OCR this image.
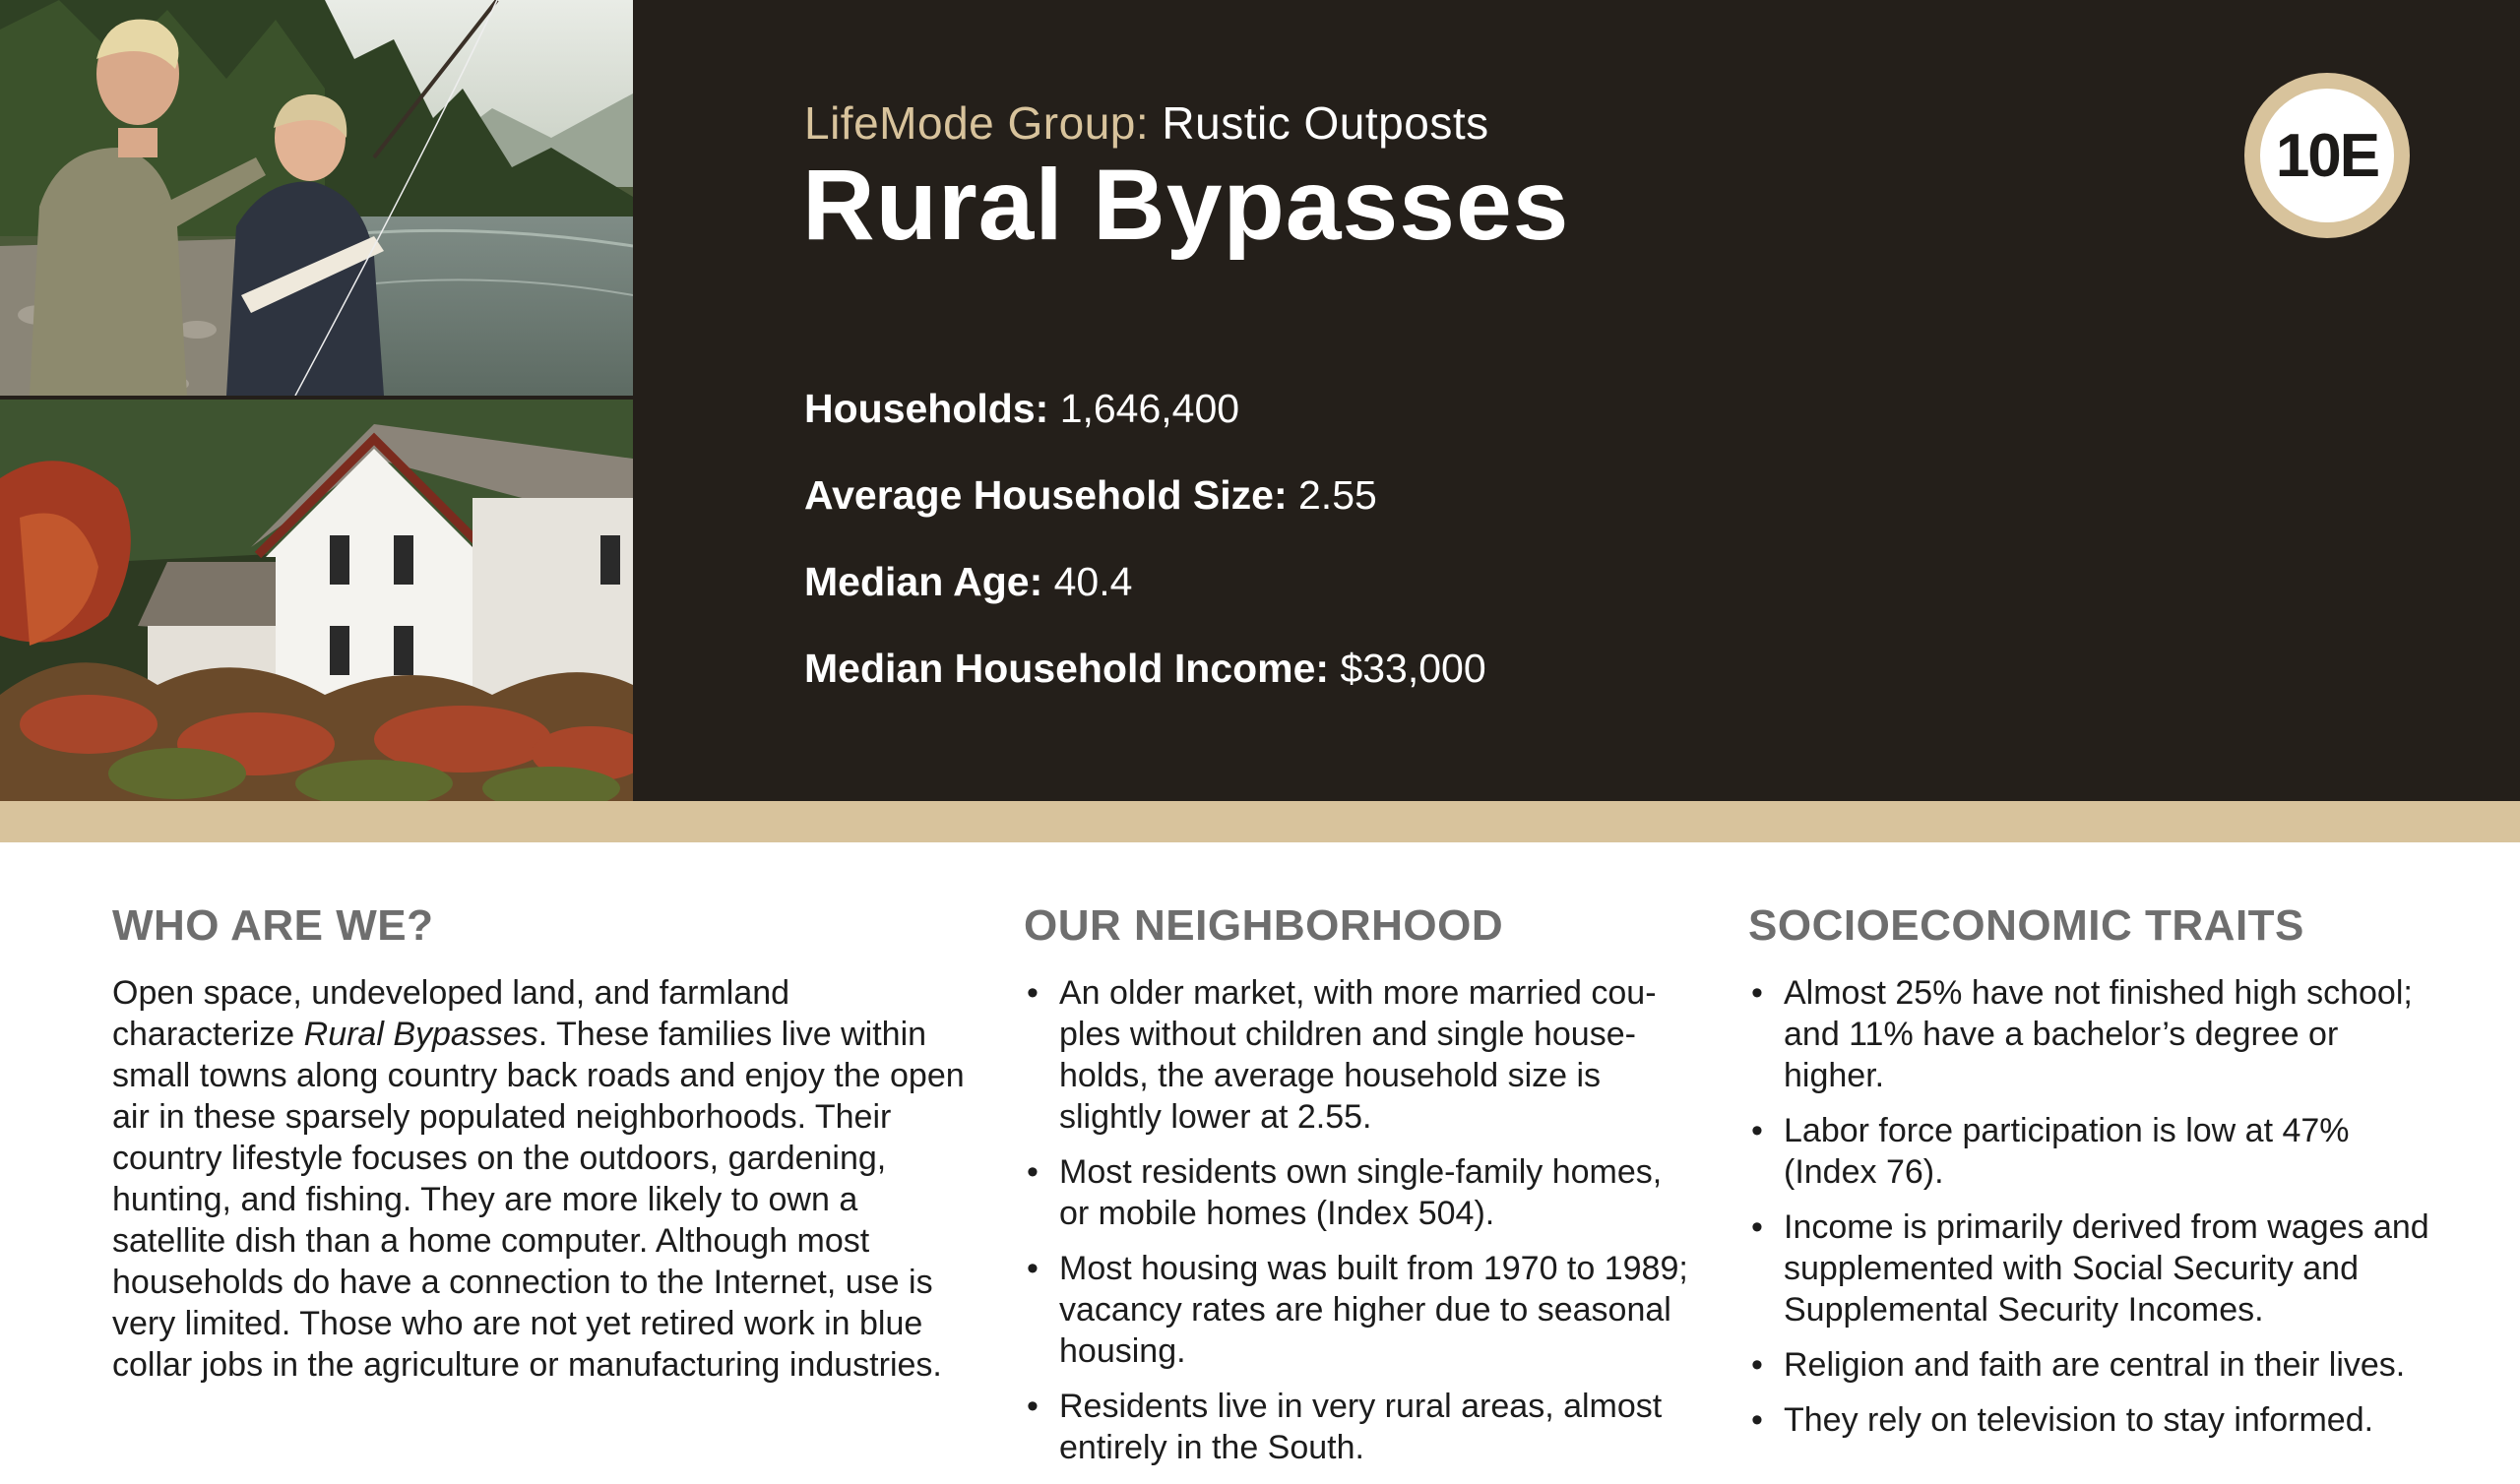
LifeMode Group: Rustic Outposts
Rural Bypasses	10E
Households: 1,646,400
Average Household Size: 2.55
Median Age: 40.4
Median Household Income: $33,000
WHO ARE WE?

Open space, undeveloped land, and farmland characterize Rural Bypasses. These families live within small towns along country back roads and enjoy the open air in these sparsely populated neighborhoods. Their country lifestyle focuses on the outdoors, gardening, hunting, and fishing. They are more likely to own a satellite dish than a home computer. Although most households do have a connection to the Internet, use is very limited. Those who are not yet retired work in blue collar jobs in the agriculture or manufacturing industries.

OUR NEIGHBORHOOD
• An older market, with more married couples without children and single households, the average household size is slightly lower at 2.55.
• Most residents own single-family homes, or mobile homes (Index 504).
• Most housing was built from 1970 to 1989; vacancy rates are higher due to seasonal housing.
• Residents live in very rural areas, almost entirely in the South.
SOCIOECONOMIC TRAITS
• Almost 25% have not finished high school; and 11% have a bachelor’s degree or higher.
• Labor force participation is low at 47% (Index 76).
• Income is primarily derived from wages and supplemented with Social Security and Supplemental Security Incomes.
• Religion and faith are central in their lives.
• They rely on television to stay informed.
